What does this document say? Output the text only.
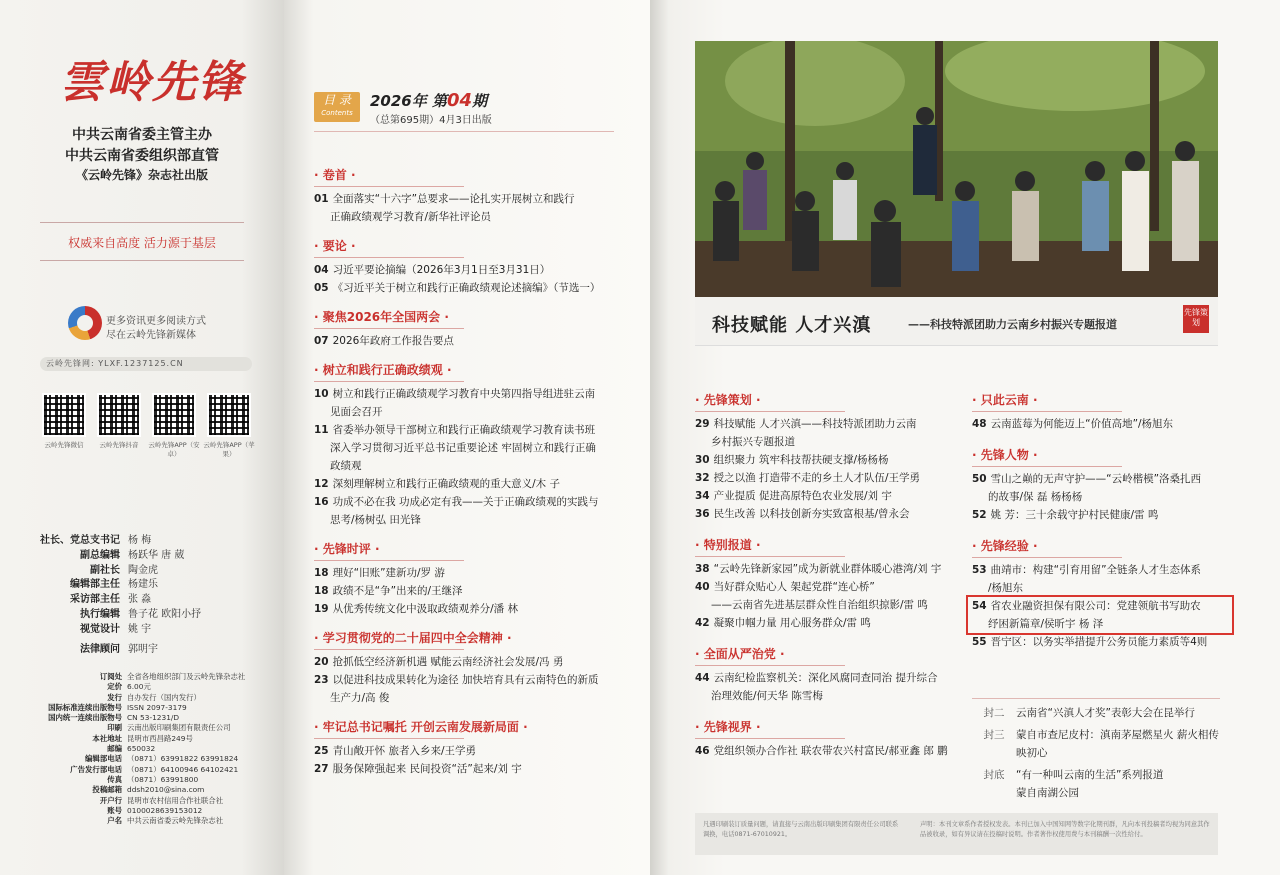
雲岭先锋
中共云南省委主管主办
中共云南省委组织部直管
《云岭先锋》杂志社出版
权威来自高度 活力源于基层
更多资讯更多阅读方式
尽在云岭先锋新媒体
云岭先锋网: YLXF.1237125.CN
云岭先锋微信	云岭先锋抖音	云岭先锋APP（安卓）
云岭先锋APP（苹果）
社长、党总支书记 杨 梅
副总编辑 杨跃华 唐 葳
副社长 陶金虎
编辑部主任 杨建乐
采访部主任 张 淼
执行编辑 鲁子花 欧阳小抒
视觉设计 姚 宇
法律顾问 郭明宇
订阅处 全省各地组织部门及云岭先锋杂志社
定价 6.00元
发行 自办发行（国内发行）
国际标准连续出版物号 ISSN 2097-3179
国内统一连续出版物号 CN 53-1231/D
印刷 云南出版印刷集团有限责任公司
本社地址 昆明市西昌路249号
邮编 650032
编辑部电话 （0871）63991822 63991824
广告发行部电话 （0871）64100946 64102421
传真 （0871）63991800
投稿邮箱 ddsh2010@sina.com
开户行 昆明市农村信用合作社联合社
账号 010002863915301​2
户名 中共云南省委云岭先锋杂志社
目 录
Contents
2026年 第04期
（总第695期）4月3日出版
· 卷首 ·
01 全面落实“十六字”总要求——论扎实开展树立和践行
正确政绩观学习教育/新华社评论员
· 要论 ·
04 习近平要论摘编（2026年3月1日至3月31日）
05 《习近平关于树立和践行正确政绩观论述摘编》（节选一）
· 聚焦2026年全国两会 ·
07 2026年政府工作报告要点
· 树立和践行正确政绩观 ·
10 树立和践行正确政绩观学习教育中央第四指导组进驻云南
见面会召开
11 省委举办领导干部树立和践行正确政绩观学习教育读书班
深入学习贯彻习近平总书记重要论述 牢固树立和践行正确
政绩观
12 深刻理解树立和践行正确政绩观的重大意义/木 子
16 功成不必在我 功成必定有我——关于正确政绩观的实践与
思考/杨树弘 田光锋
· 先锋时评 ·
18 理好“旧账”建新功/罗 游
18 政绩不是“争”出来的/王继泽
19 从优秀传统文化中汲取政绩观养分/潘 林
· 学习贯彻党的二十届四中全会精神 ·
20 抢抓低空经济新机遇 赋能云南经济社会发展/冯 勇
23 以促进科技成果转化为途径 加快培育具有云南特色的新质
生产力/高 俊
· 牢记总书记嘱托 开创云南发展新局面 ·
25 青山敞开怀 旅者入乡来/王学勇
27 服务保障强起来 民间投资“活”起来/刘 宇
科技赋能 人才兴滇	——科技特派团助力云南乡村振兴专题报道
先锋策划
· 先锋策划 ·
29 科技赋能 人才兴滇——科技特派团助力云南
乡村振兴专题报道
30 组织聚力 筑牢科技帮扶硬支撑/杨杨杨
32 授之以渔 打造带不走的乡土人才队伍/王学勇
34 产业提质 促进高原特色农业发展/刘 宇
36 民生改善 以科技创新夯实致富根基/曾永会
· 特别报道 ·
38 “云岭先锋新家园”成为新就业群体暖心港湾/刘 宇
40 当好群众贴心人 架起党群“连心桥”
——云南省先进基层群众性自治组织掠影/雷 鸣
42 凝聚巾帼力量 用心服务群众/雷 鸣
· 全面从严治党 ·
44 云南纪检监察机关：深化风腐同查同治 提升综合
治理效能/何天华 陈雪梅
· 先锋视界 ·
46 党组织领办合作社 联农带农兴村富民/郝亚鑫 郎 鹏
· 只此云南 ·
48 云南蓝莓为何能迈上“价值高地”/杨旭东
· 先锋人物 ·
50 雪山之巅的无声守护——“云岭楷模”洛桑扎西
的故事/保 磊 杨杨杨
52 姚 芳：三十余载守护村民健康/雷 鸣
· 先锋经验 ·
53 曲靖市：构建“引育用留”全链条人才生态体系
/杨旭东
54 省农业融资担保有限公司：党建领航书写助农
纾困新篇章/侯昕宇 杨 泽
55 晋宁区：以务实举措提升公务员能力素质等4则
封二	云南省“兴滇人才奖”表彰大会在昆举行
封三	蒙自市查尼皮村：滇南茅屋燃星火 薪火相传
映初心
封底	“有一种叫云南的生活”系列报道
蒙自南湖公园
凡遇印刷装订质量问题，请直接与云南出版印刷集团有限责任公司联系调换，电话0871-67010921。
声明：本刊文章系作者授权发表。本刊已加入中国知网等数字化期刊群，凡向本刊投稿者均视为同意其作品被收录，如有异议请在投稿时说明。作者著作权使用费与本刊稿酬一次性给付。
